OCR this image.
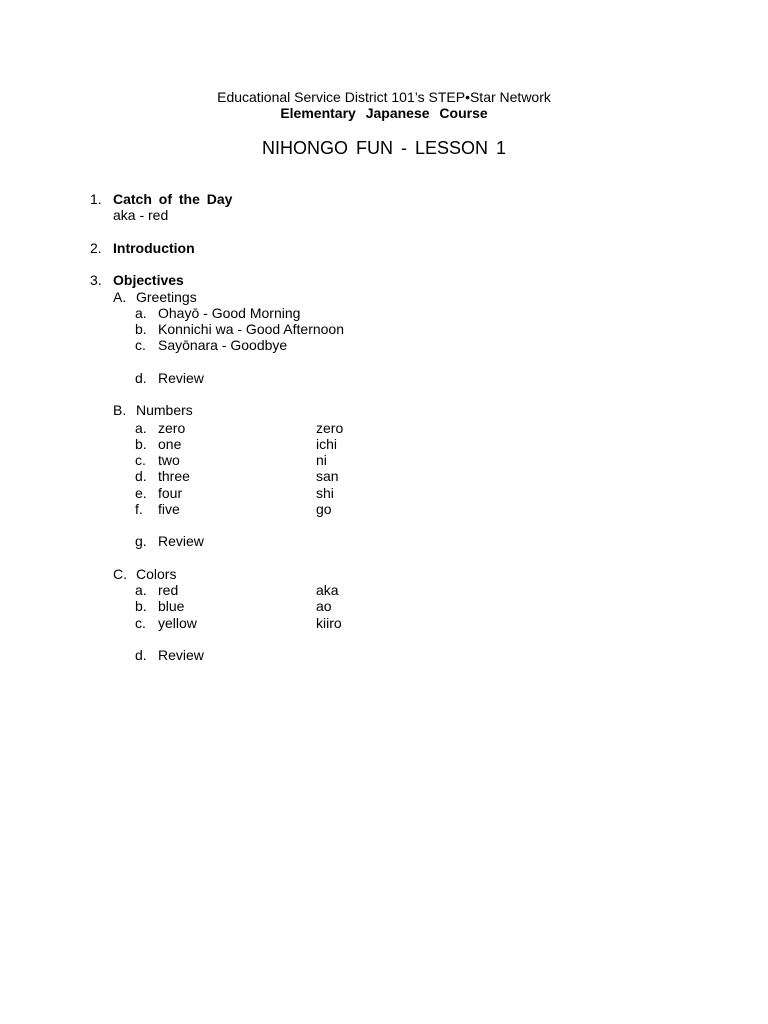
Educational Service District 101’s STEP•Star Network
Elementary Japanese Course
NIHONGO FUN - LESSON 1
1. Catch of the Day
aka - red
2. Introduction
3. Objectives
A. Greetings
a. Ohayō - Good Morning
b. Konnichi wa - Good Afternoon
c. Sayōnara - Goodbye
d. Review
B. Numbers
a. zero	zero
b. one	ichi
c. two	ni
d. three	san
e. four	shi
f. five	go
g. Review
C. Colors
a. red	aka
b. blue	ao
c. yellow	kiiro
d. Review
